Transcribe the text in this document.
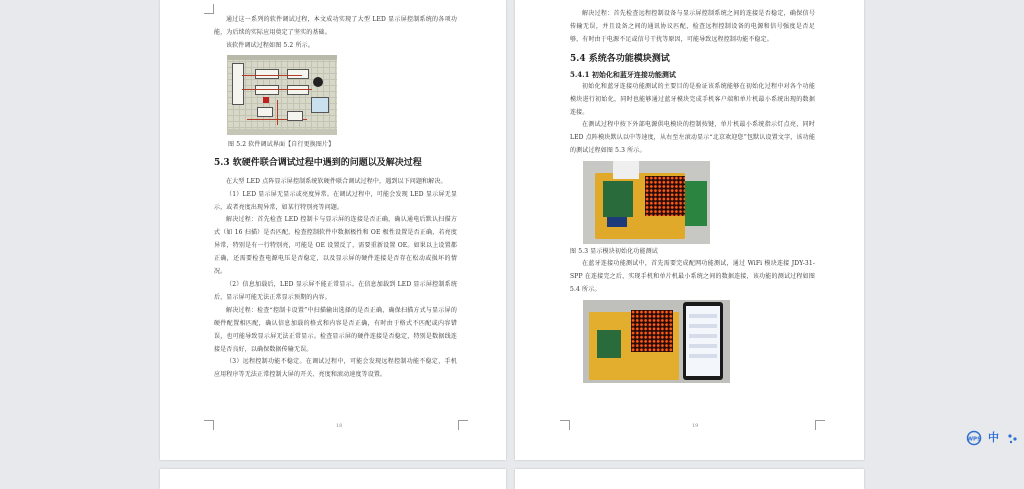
通过这一系列的软件调试过程，本文成功实现了大型 LED 显示屏控制系统的各项功能，为后续的实际应用奠定了坚实的基础。

该软件调试过程如图 5.2 所示。

图 5.2 软件调试界面【自行更换图片】

5.3 软硬件联合调试过程中遇到的问题以及解决过程

在大型 LED 点阵显示屏控制系统软硬件联合调试过程中，遇到以下问题和解决。

（1）LED 显示屏无显示或亮度异常。在调试过程中，可能会发现 LED 显示屏无显示，或者亮度出现异常，如某行特别亮等问题。

解决过程：首先检查 LED 控制卡与显示屏的连接是否正确，确认通电后默认扫描方式（如 16 扫描）是否匹配，检查控制软件中数据极性和 OE 极性设置是否正确，若亮度异常，特别是有一行特别亮，可能是 OE 设置反了，需要重新设置 OE。如果以上设置都正确，还需要检查电源电压是否稳定，以及显示屏的硬件连接是否存在松动或损坏的情况。

（2）信息加载后，LED 显示屏不能正常显示。在信息加载到 LED 显示屏控制系统后，显示屏可能无法正常显示预期的内容。

解决过程：检查“控制卡设置”中扫描输出选择的是否正确，确保扫描方式与显示屏的硬件配置相匹配，确认信息加载的格式和内容是否正确，有时由于格式不匹配或内容错误，也可能导致显示屏无法正常显示。检查显示屏的硬件连接是否稳定，特别是数据线连接是否良好，以确保数据传输无误。

（3）远程控制功能不稳定。在调试过程中，可能会发现远程控制功能不稳定，手机应用程序等无法正常控制大屏的开关、亮度和滚动速度等设置。

18

解决过程：首先检查远程控制设备与显示屏控制系统之间的连接是否稳定，确保信号传输无误，并且设备之间的通讯协议匹配，检查远程控制设备的电源和信号强度是否足够，有时由于电源不足或信号干扰等原因，可能导致远程控制功能不稳定。

5.4 系统各功能模块测试
5.4.1 初始化和蓝牙连接功能测试

初始化和蓝牙连接功能测试的主要目的是验证该系统能够在初始化过程中对各个功能模块进行初始化，同时也能够通过蓝牙模块完成手机客户端和单片机最小系统出现的数据连接。

在测试过程中按下外部电源供电模块的控制按键，单片机最小系统指示灯点亮，同时 LED 点阵模块默认以中等速度，从右至左滚动显示“北京欢迎您”包默认设置文字，该功能的测试过程如图 5.3 所示。

图 5.3 显示模块初始化功能测试

在蓝牙连接功能测试中，首先需要完成配网功能测试，通过 WiFi 模块连接 JDY-31-SPP 在连接完之后，实现手机和单片机最小系统之间的数据连接，该功能的测试过程如图 5.4 所示。

19
WPS 中
